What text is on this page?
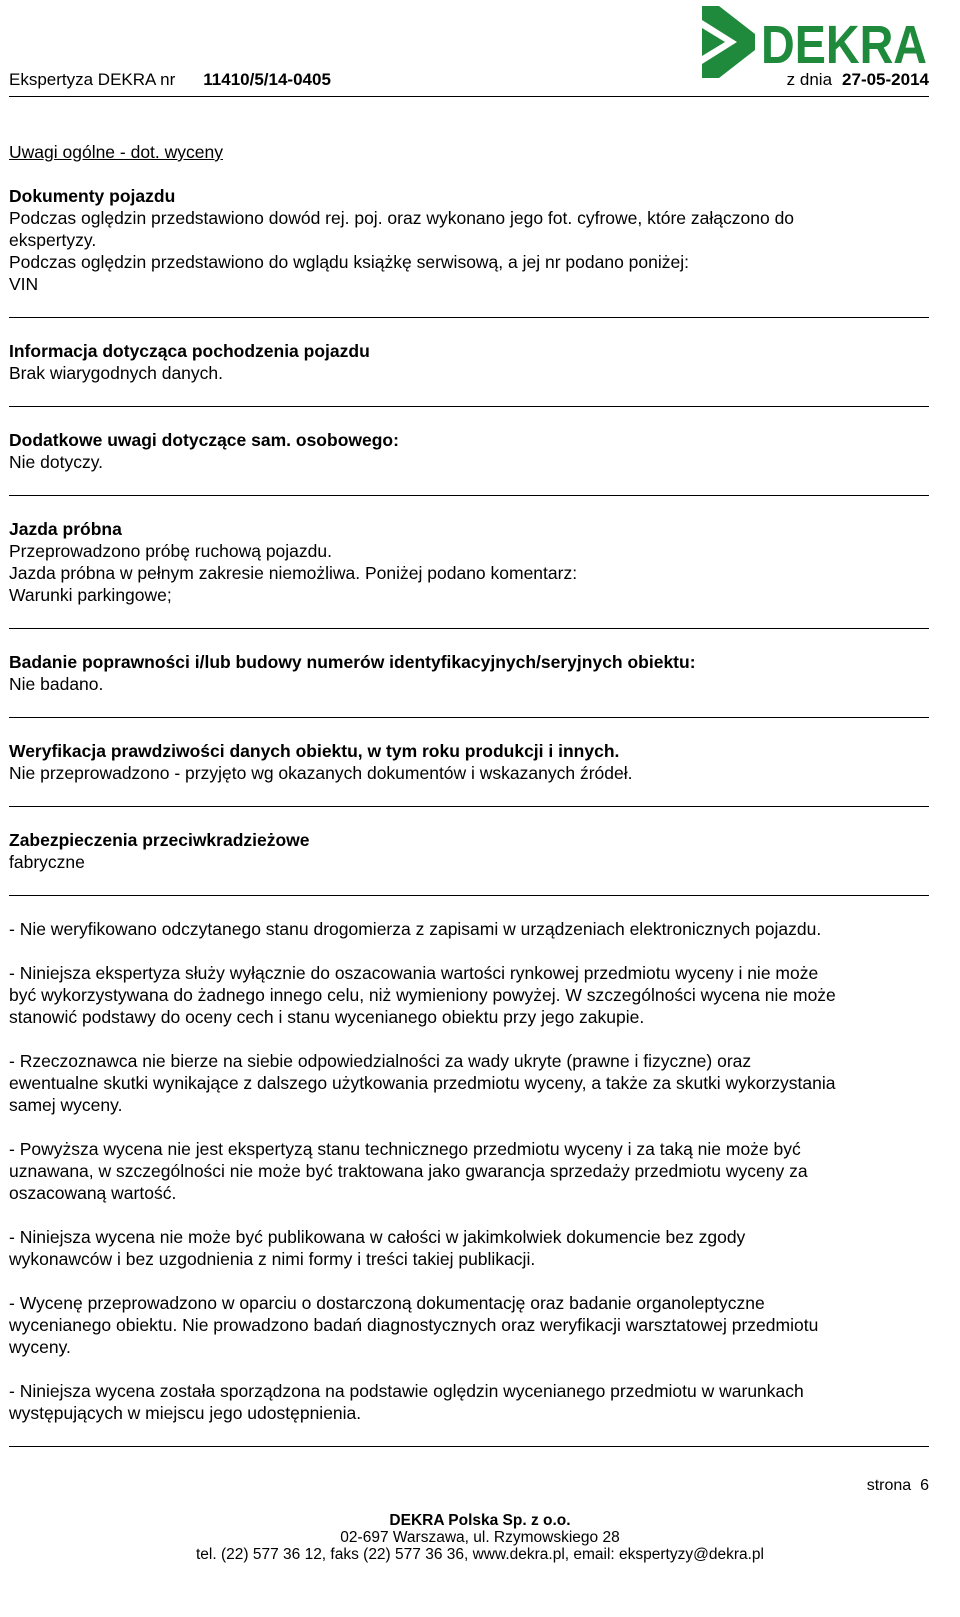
DEKRA
Ekspertyza DEKRA nr 11410/5/14-0405	z dnia 27-05-2014

Uwagi ogólne - dot. wyceny

Dokumenty pojazdu

Podczas oględzin przedstawiono dowód rej. poj. oraz wykonano jego fot. cyfrowe, które załączono do

ekspertyzy.

Podczas oględzin przedstawiono do wglądu książkę serwisową, a jej nr podano poniżej:

VIN

Informacja dotycząca pochodzenia pojazdu

Brak wiarygodnych danych.

Dodatkowe uwagi dotyczące sam. osobowego:

Nie dotyczy.

Jazda próbna

Przeprowadzono próbę ruchową pojazdu.

Jazda próbna w pełnym zakresie niemożliwa. Poniżej podano komentarz:

Warunki parkingowe;

Badanie poprawności i/lub budowy numerów identyfikacyjnych/seryjnych obiektu:

Nie badano.

Weryfikacja prawdziwości danych obiektu, w tym roku produkcji i innych.

Nie przeprowadzono - przyjęto wg okazanych dokumentów i wskazanych źródeł.

Zabezpieczenia przeciwkradzieżowe

fabryczne

- Nie weryfikowano odczytanego stanu drogomierza z zapisami w urządzeniach elektronicznych pojazdu.

- Niniejsza ekspertyza służy wyłącznie do oszacowania wartości rynkowej przedmiotu wyceny i nie może

być wykorzystywana do żadnego innego celu, niż wymieniony powyżej. W szczególności wycena nie może

stanowić podstawy do oceny cech i stanu wycenianego obiektu przy jego zakupie.

- Rzeczoznawca nie bierze na siebie odpowiedzialności za wady ukryte (prawne i fizyczne) oraz

ewentualne skutki wynikające z dalszego użytkowania przedmiotu wyceny, a także za skutki wykorzystania

samej wyceny.

- Powyższa wycena nie jest ekspertyzą stanu technicznego przedmiotu wyceny i za taką nie może być

uznawana, w szczególności nie może być traktowana jako gwarancja sprzedaży przedmiotu wyceny za

oszacowaną wartość.

- Niniejsza wycena nie może być publikowana w całości w jakimkolwiek dokumencie bez zgody

wykonawców i bez uzgodnienia z nimi formy i treści takiej publikacji.

- Wycenę przeprowadzono w oparciu o dostarczoną dokumentację oraz badanie organoleptyczne

wycenianego obiektu. Nie prowadzono badań diagnostycznych oraz weryfikacji warsztatowej przedmiotu

wyceny.

- Niniejsza wycena została sporządzona na podstawie oględzin wycenianego przedmiotu w warunkach

występujących w miejscu jego udostępnienia.

strona 6
DEKRA Polska Sp. z o.o.
02-697 Warszawa, ul. Rzymowskiego 28
tel. (22) 577 36 12, faks (22) 577 36 36, www.dekra.pl, email: ekspertyzy@dekra.pl
